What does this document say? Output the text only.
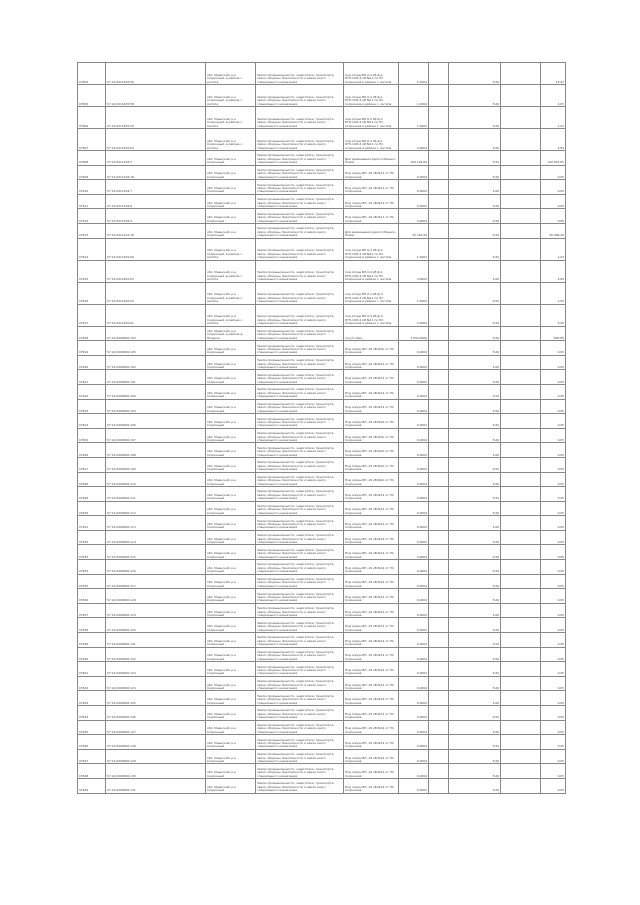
07604	57:14:0011405:56	обл. Мценский, р-н Скоронный, в районе с. Антипа	Земли промышленности, энергетики, транспорта, связи, обороны, безопасности и земли иного специального назначения	под опоры ВЛ-0,4 кВ ф-2 КТП-10/0,4 кВ №11 по ПС Скоронная в районе с. Антипа	1,0004		5,00		13,97
07605	57:14:0011405:58	обл. Мценский, р-н Скоронный, в районе с. Антипа	Земли промышленности, энергетики, транспорта, связи, обороны, безопасности и земли иного специального назначения	под опоры ВЛ-0,4 кВ ф-1 КТП-10/0,4 кВ №11 по ПС Скоронная в районе с. Антипа	1,0004		5,00		1,05
07606	57:14:0011405:59	обл. Мценский, р-н Скоронный, в районе с. Антипа	Земли промышленности, энергетики, транспорта, связи, обороны, безопасности и земли иного специального назначения	под опоры ВЛ-0,4 кВ ф-3 КТП-10/0,4 кВ №11 по ПС Скоронная в районе с. Антипа	1,0004		5,00		1,01
07607	57:14:0011405:64	обл. Мценский, р-н Скоронный, в районе с. Антипа	Земли промышленности, энергетики, транспорта, связи, обороны, безопасности и земли иного специального назначения	под опоры ВЛ-0,4 кВ ф-1 КТП-10/0,4 кВ №11 по ПС Скоронная в районе с. Антипа	4,0004		5,00		4,84
07608	57:14:0011109:3	обл. Мценский, р-н Скоронный	Земли промышленности, энергетики, транспорта, связи, обороны, безопасности и земли иного специального назначения	Для размещения дороги Мценск-Новое	100 104,00		5,00		120 097,65
07609	57:14:0011109:18	обл. Мценский, р-н Скоронный	Земли промышленности, энергетики, транспорта, связи, обороны, безопасности и земли иного специального назначения	Под опоры ВЛ -10 кВ №11 от ПС Скоронная	0,0004		5,00		0,05
07610	57:14:0011109:7	обл. Мценский, р-н Скоронный	Земли промышленности, энергетики, транспорта, связи, обороны, безопасности и земли иного специального назначения	Под опоры ВЛ -10 кВ №11 от ПС Скоронная	0,0004		5,00		0,05
07611	57:14:0011109:8	обл. Мценский, р-н Скоронный	Земли промышленности, энергетики, транспорта, связи, обороны, безопасности и земли иного специального назначения	Под опоры ВЛ -10 кВ №11 от ПС Скоронная	0,0004		5,00		0,05
07612	57:14:0011109:9	обл. Мценский, р-н Скоронный	Земли промышленности, энергетики, транспорта, связи, обороны, безопасности и земли иного специального назначения	Под опоры ВЛ -10 кВ №11 от ПС Скоронная	0,0004		5,00		0,05
07613	57:14:0011102:18	обл. Мценский, р-н Скоронный	Земли промышленности, энергетики, транспорта, связи, обороны, безопасности и земли иного специального назначения	Для размещения дороги Мценск-Новое	33 316,00		5,00		40 096,45
07614	57:14:0011405:60	обл. Мценский, р-н Скоронный, в районе с. Антипа	Земли промышленности, энергетики, транспорта, связи, обороны, безопасности и земли иного специального назначения	под опоры ВЛ-0,4 кВ ф-2 КТП-10/0,4 кВ №11 по ПС Скоронная в районе с. Антипа	1,0004		5,00		1,03
07615	57:14:0011405:63	обл. Мценский, р-н Скоронный, в районе с. Антипа	Земли промышленности, энергетики, транспорта, связи, обороны, безопасности и земли иного специального назначения	под опоры ВЛ-0,4 кВ ф-1 КТП-10/0,4 кВ №11 по ПС Скоронная в районе с. Антипа	4,0004		5,00		4,84
07616	57:14:0011405:62	обл. Мценский, р-н Скоронный, в районе с. Антипа	Земли промышленности, энергетики, транспорта, связи, обороны, безопасности и земли иного специального назначения	под опоры ВЛ-0,4 кВ ф-3 КТП-10/0,4 кВ №11 по ПС Скоронная в районе с. Антипа	1,0004		5,00		1,05
07617	57:14:0011405:61	обл. Мценский, р-н Скоронный, в районе с. Антипа	Земли промышленности, энергетики, транспорта, связи, обороны, безопасности и земли иного специального назначения	под опоры ВЛ-0,4 кВ ф-3 КТП-10/0,4 кВ №11 по ПС Скоронная в районе с. Антипа	2,0004		5,00		5,05
07618	57:14:0000000:103	обл. Мценский, р-н Скоронный, в районе д. Ягодное	Земли промышленности, энергетики, транспорта, связи, обороны, безопасности и земли иного специального назначения	отсутствие	1 050,0000		5,00		820,89
07619	57:14:0000000:105	обл. Мценский, р-н Скоронный	Земли промышленности, энергетики, транспорта, связи, обороны, безопасности и земли иного специального назначения	Под опоры ВЛ -10 кВ №10 от ПС Скоронная	0,0004		5,00		0,05
07620	57:14:0000000:102	обл. Мценский, р-н Скоронный	Земли промышленности, энергетики, транспорта, связи, обороны, безопасности и земли иного специального назначения	Под опоры ВЛ -10 кВ №12 от ПС Скоронная	0,0004		5,00		0,05
07621	57:14:0000000:101	обл. Мценский, р-н Скоронный	Земли промышленности, энергетики, транспорта, связи, обороны, безопасности и земли иного специального назначения	Под опоры ВЛ -10 кВ №12 от ПС Скоронная	0,0004		5,00		0,05
07622	57:14:0000000:100	обл. Мценский, р-н Скоронный	Земли промышленности, энергетики, транспорта, связи, обороны, безопасности и земли иного специального назначения	Под опоры ВЛ -10 кВ №12 от ПС Скоронная	0,0004		5,00		0,05
07623	57:14:0000000:104	обл. Мценский, р-н Скоронный	Земли промышленности, энергетики, транспорта, связи, обороны, безопасности и земли иного специального назначения	Под опоры ВЛ -10 кВ №12 от ПС Скоронная	0,0004		5,00		0,05
07624	57:14:0000000:106	обл. Мценский, р-н Скоронный	Земли промышленности, энергетики, транспорта, связи, обороны, безопасности и земли иного специального назначения	Под опоры ВЛ -10 кВ №10 от ПС Скоронная	0,0004		5,00		0,05
07625	57:14:0000000:107	обл. Мценский, р-н Скоронный	Земли промышленности, энергетики, транспорта, связи, обороны, безопасности и земли иного специального назначения	Под опоры ВЛ -10 кВ №10 от ПС Скоронная	0,0004		5,00		0,05
07626	57:14:0000000:108	обл. Мценский, р-н Скоронный	Земли промышленности, энергетики, транспорта, связи, обороны, безопасности и земли иного специального назначения	Под опоры ВЛ -10 кВ №10 от ПС Скоронная	0,0004		5,00		0,05
07627	57:14:0000000:109	обл. Мценский, р-н Скоронный	Земли промышленности, энергетики, транспорта, связи, обороны, безопасности и земли иного специального назначения	Под опоры ВЛ -10 кВ №10 от ПС Скоронная	0,0004		5,00		0,05
07628	57:14:0000000:110	обл. Мценский, р-н Скоронный	Земли промышленности, энергетики, транспорта, связи, обороны, безопасности и земли иного специального назначения	Под опоры ВЛ -10 кВ №10 от ПС Скоронная	0,0004		5,00		0,05
07629	57:14:0000000:111	обл. Мценский, р-н Скоронный	Земли промышленности, энергетики, транспорта, связи, обороны, безопасности и земли иного специального назначения	Под опоры ВЛ -10 кВ №12 от ПС Скоронная	0,0004		5,00		0,05
07630	57:14:0000000:112	обл. Мценский, р-н Скоронный	Земли промышленности, энергетики, транспорта, связи, обороны, безопасности и земли иного специального назначения	Под опоры ВЛ -10 кВ №12 от ПС Скоронная	0,0004		5,00		0,05
07631	57:14:0000000:113	обл. Мценский, р-н Скоронный	Земли промышленности, энергетики, транспорта, связи, обороны, безопасности и земли иного специального назначения	Под опоры ВЛ -10 кВ №12 от ПС Скоронная	0,0004		5,00		0,05
07632	57:14:0000000:114	обл. Мценский, р-н Скоронный	Земли промышленности, энергетики, транспорта, связи, обороны, безопасности и земли иного специального назначения	Под опоры ВЛ -10 кВ №12 от ПС Скоронная	0,0004		5,00		0,05
07633	57:14:0000000:115	обл. Мценский, р-н Скоронный	Земли промышленности, энергетики, транспорта, связи, обороны, безопасности и земли иного специального назначения	Под опоры ВЛ -10 кВ №12 от ПС Скоронная	0,0004		5,00		0,05
07634	57:14:0000000:116	обл. Мценский, р-н Скоронный	Земли промышленности, энергетики, транспорта, связи, обороны, безопасности и земли иного специального назначения	Под опоры ВЛ -10 кВ №12 от ПС Скоронная	0,0004		5,00		0,05
07635	57:14:0000000:117	обл. Мценский, р-н Скоронный	Земли промышленности, энергетики, транспорта, связи, обороны, безопасности и земли иного специального назначения	Под опоры ВЛ -10 кВ №12 от ПС Скоронная	0,0004		5,00		0,05
07636	57:14:0000000:118	обл. Мценский, р-н Скоронный	Земли промышленности, энергетики, транспорта, связи, обороны, безопасности и земли иного специального назначения	Под опоры ВЛ -10 кВ №12 от ПС Скоронная	0,0004		5,00		0,05
07637	57:14:0000000:119	обл. Мценский, р-н Скоронный	Земли промышленности, энергетики, транспорта, связи, обороны, безопасности и земли иного специального назначения	Под опоры ВЛ -10 кВ №12 от ПС Скоронная	0,0004		5,00		0,05
07638	57:14:0000000:120	обл. Мценский, р-н Скоронный	Земли промышленности, энергетики, транспорта, связи, обороны, безопасности и земли иного специального назначения	Под опоры ВЛ -10 кВ №12 от ПС Скоронная	0,0004		5,00		0,05
07639	57:14:0000000:121	обл. Мценский, р-н Скоронный	Земли промышленности, энергетики, транспорта, связи, обороны, безопасности и земли иного специального назначения	Под опоры ВЛ -10 кВ №12 от ПС Скоронная	0,0004		5,00		0,05
07640	57:14:0000000:122	обл. Мценский, р-н Скоронный	Земли промышленности, энергетики, транспорта, связи, обороны, безопасности и земли иного специального назначения	Под опоры ВЛ -10 кВ №12 от ПС Скоронная	0,0004		5,00		0,05
07641	57:14:0000000:123	обл. Мценский, р-н Скоронный	Земли промышленности, энергетики, транспорта, связи, обороны, безопасности и земли иного специального назначения	Под опоры ВЛ -10 кВ №12 от ПС Скоронная	0,0004		5,00		0,05
07642	57:14:0000000:124	обл. Мценский, р-н Скоронный	Земли промышленности, энергетики, транспорта, связи, обороны, безопасности и земли иного специального назначения	Под опоры ВЛ -10 кВ №12 от ПС Скоронная	0,0004		5,00		0,05
07643	57:14:0000000:125	обл. Мценский, р-н Скоронный	Земли промышленности, энергетики, транспорта, связи, обороны, безопасности и земли иного специального назначения	Под опоры ВЛ -10 кВ №12 от ПС Скоронная	0,0004		5,00		0,05
07644	57:14:0000000:126	обл. Мценский, р-н Скоронный	Земли промышленности, энергетики, транспорта, связи, обороны, безопасности и земли иного специального назначения	Под опоры ВЛ -10 кВ №12 от ПС Скоронная	0,0004		5,00		0,05
07645	57:14:0000000:127	обл. Мценский, р-н Скоронный	Земли промышленности, энергетики, транспорта, связи, обороны, безопасности и земли иного специального назначения	Под опоры ВЛ -10 кВ №12 от ПС Скоронная	0,0004		5,00		0,05
07646	57:14:0000000:128	обл. Мценский, р-н Скоронный	Земли промышленности, энергетики, транспорта, связи, обороны, безопасности и земли иного специального назначения	Под опоры ВЛ -10 кВ №12 от ПС Скоронная	0,0004		5,00		0,05
07647	57:14:0000000:129	обл. Мценский, р-н Скоронный	Земли промышленности, энергетики, транспорта, связи, обороны, безопасности и земли иного специального назначения	Под опоры ВЛ -10 кВ №12 от ПС Скоронная	0,0004		5,00		0,05
07648	57:14:0000000:130	обл. Мценский, р-н Скоронный	Земли промышленности, энергетики, транспорта, связи, обороны, безопасности и земли иного специального назначения	Под опоры ВЛ -10 кВ №12 от ПС Скоронная	0,0004		5,00		0,05
07649	57:14:0000000:131	обл. Мценский, р-н Скоронный	Земли промышленности, энергетики, транспорта, связи, обороны, безопасности и земли иного специального назначения	Под опоры ВЛ -10 кВ №12 от ПС Скоронная	0,0004		5,00		0,05
